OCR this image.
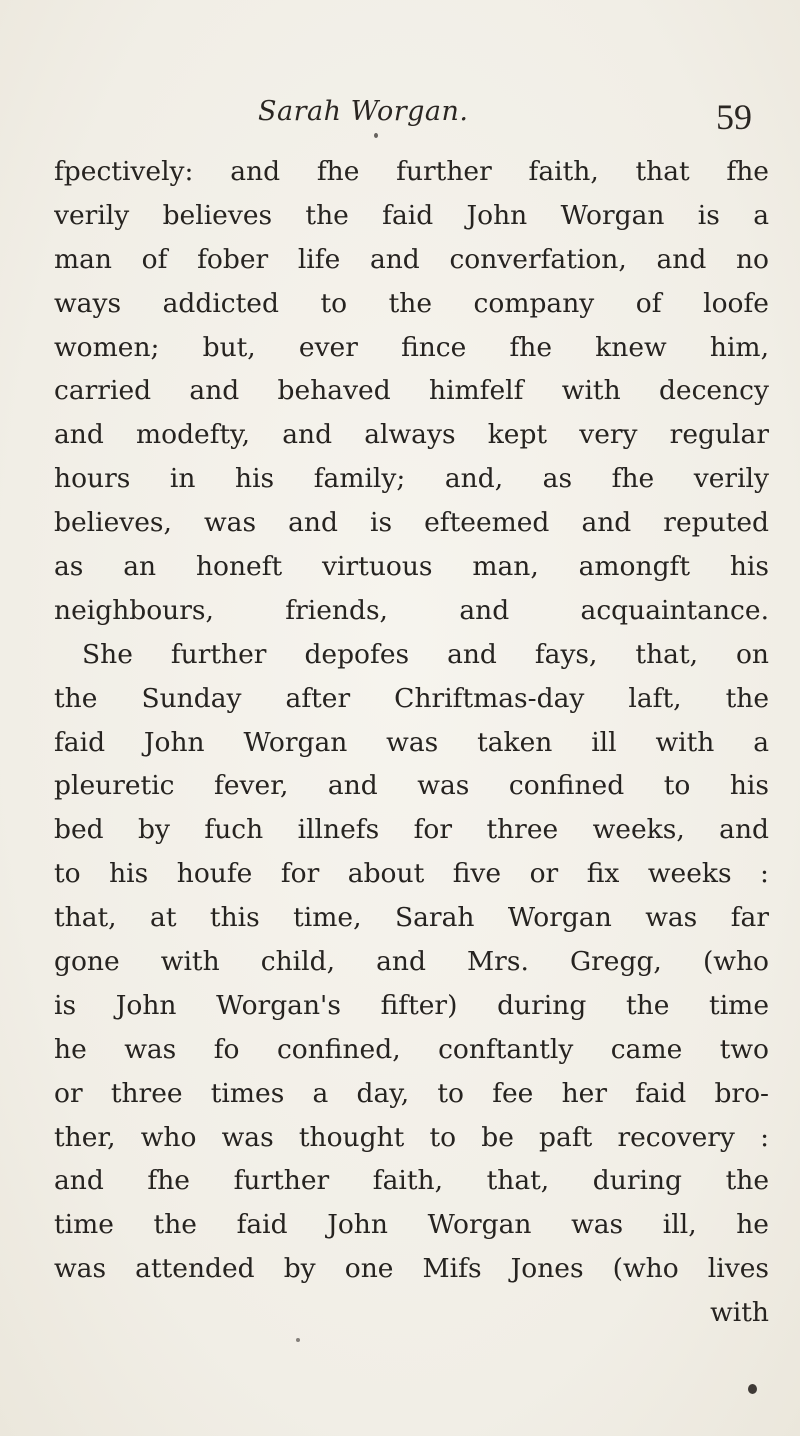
Sarah Worgan.	59
fpectively: and fhe further faith, that fhe
verily believes the faid John Worgan is a
man of fober life and converfation, and no
ways addicted to the company of loofe
women; but, ever fince fhe knew him,
carried and behaved himfelf with decency
and modefty, and always kept very regular
hours in his family; and, as fhe verily
believes, was and is efteemed and reputed
as an honeft virtuous man, amongft his
neighbours, friends, and acquaintance.
She further depofes and fays, that, on
the Sunday after Chriftmas-day laft, the
faid John Worgan was taken ill with a
pleuretic fever, and was confined to his
bed by fuch illnefs for three weeks, and
to his houfe for about five or fix weeks :
that, at this time, Sarah Worgan was far
gone with child, and Mrs. Gregg, (who
is John Worgan's fifter) during the time
he was fo confined, conftantly came two
or three times a day, to fee her faid bro-
ther, who was thought to be paft recovery :
and fhe further faith, that, during the
time the faid John Worgan was ill, he
was attended by one Mifs Jones (who lives
with
